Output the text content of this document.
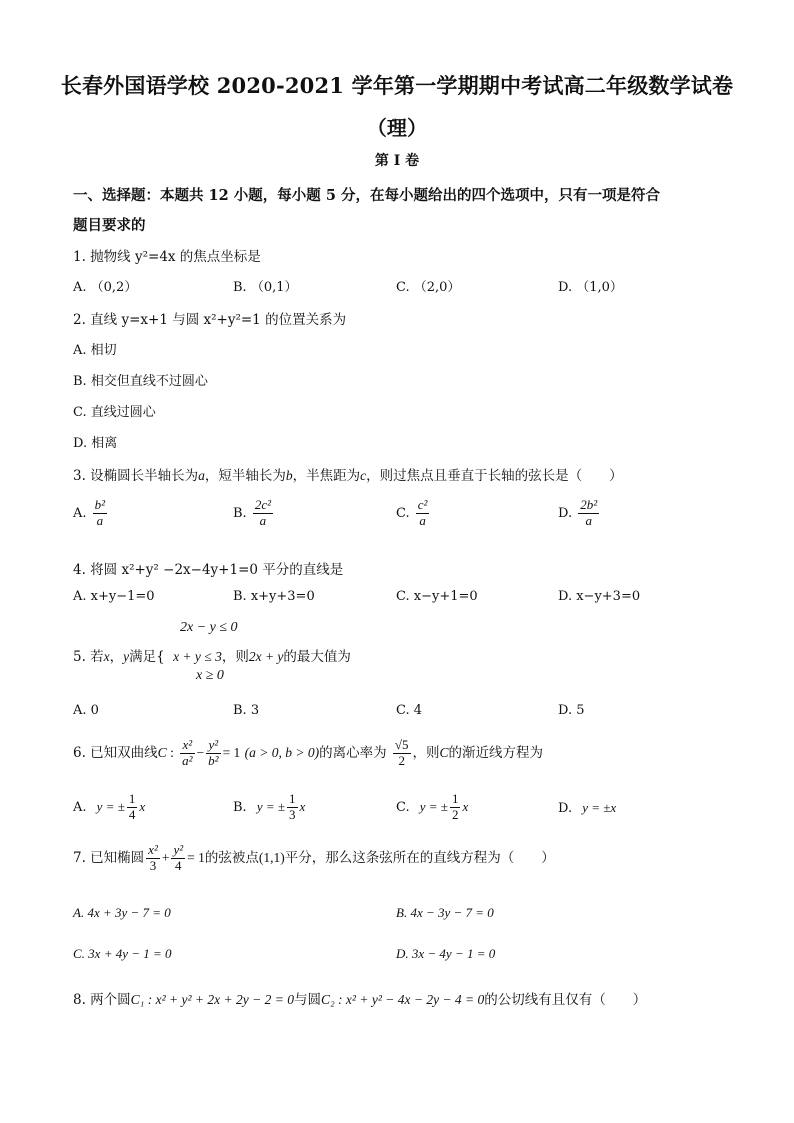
长春外国语学校 2020-2021 学年第一学期期中考试高二年级数学试卷
（理）
第 I 卷
一、选择题：本题共 12 小题，每小题 5 分，在每小题给出的四个选项中，只有一项是符合
题目要求的
1. 抛物线 y²=4x 的焦点坐标是
A. （0,2）	B. （0,1）	C. （2,0）	D. （1,0）
2. 直线 y=x+1 与圆 x²+y²=1 的位置关系为
A. 相切
B. 相交但直线不过圆心
C. 直线过圆心
D. 相离
3. 设椭圆长半轴长为a，短半轴长为b，半焦距为c，则过焦点且垂直于长轴的弦长是（　　）
A. $\frac{\text{b²}}{a}$	B. $\frac{\text{2c²}}{a}$	C. $\frac{\text{c²}}{a}$	D. $\frac{\text{2b²}}{a}$
4. 将圆 x²+y² −2x−4y+1=0 平分的直线是
A. x+y−1=0	B. x+y+3=0	C. x−y+1=0	D. x−y+3=0
2x − y ≤ 0
5. 若x，y满足{ x + y ≤ 3，则2x + y的最大值为
x ≥ 0
A. 0	B. 3	C. 4	D. 5
6. 已知双曲线C : $\frac{\text{x²}}{\text{a²}} - \frac{\text{y²}}{\text{b²}} = 1$ (a > 0, b > 0)的离心率为 $\frac{√5}{2}$ ，则C的渐近线方程为
A. y = ± $\frac{1}{4}$ x	B. y = ± $\frac{1}{3}$ x	C. y = ± $\frac{1}{2}$ x	D. y = ±x
7. 已知椭圆 $\frac{\text{x²}}{3} + \frac{\text{y²}}{4} = 1$的弦被点(1,1)平分，那么这条弦所在的直线方程为（　　）
A. 4x + 3y − 7 = 0	B. 4x − 3y − 7 = 0
C. 3x + 4y − 1 = 0	D. 3x − 4y − 1 = 0
8. 两个圆C₁ : x² + y² + 2x + 2y − 2 = 0与圆C₂ : x² + y² − 4x − 2y − 4 = 0的公切线有且仅有（　　）
